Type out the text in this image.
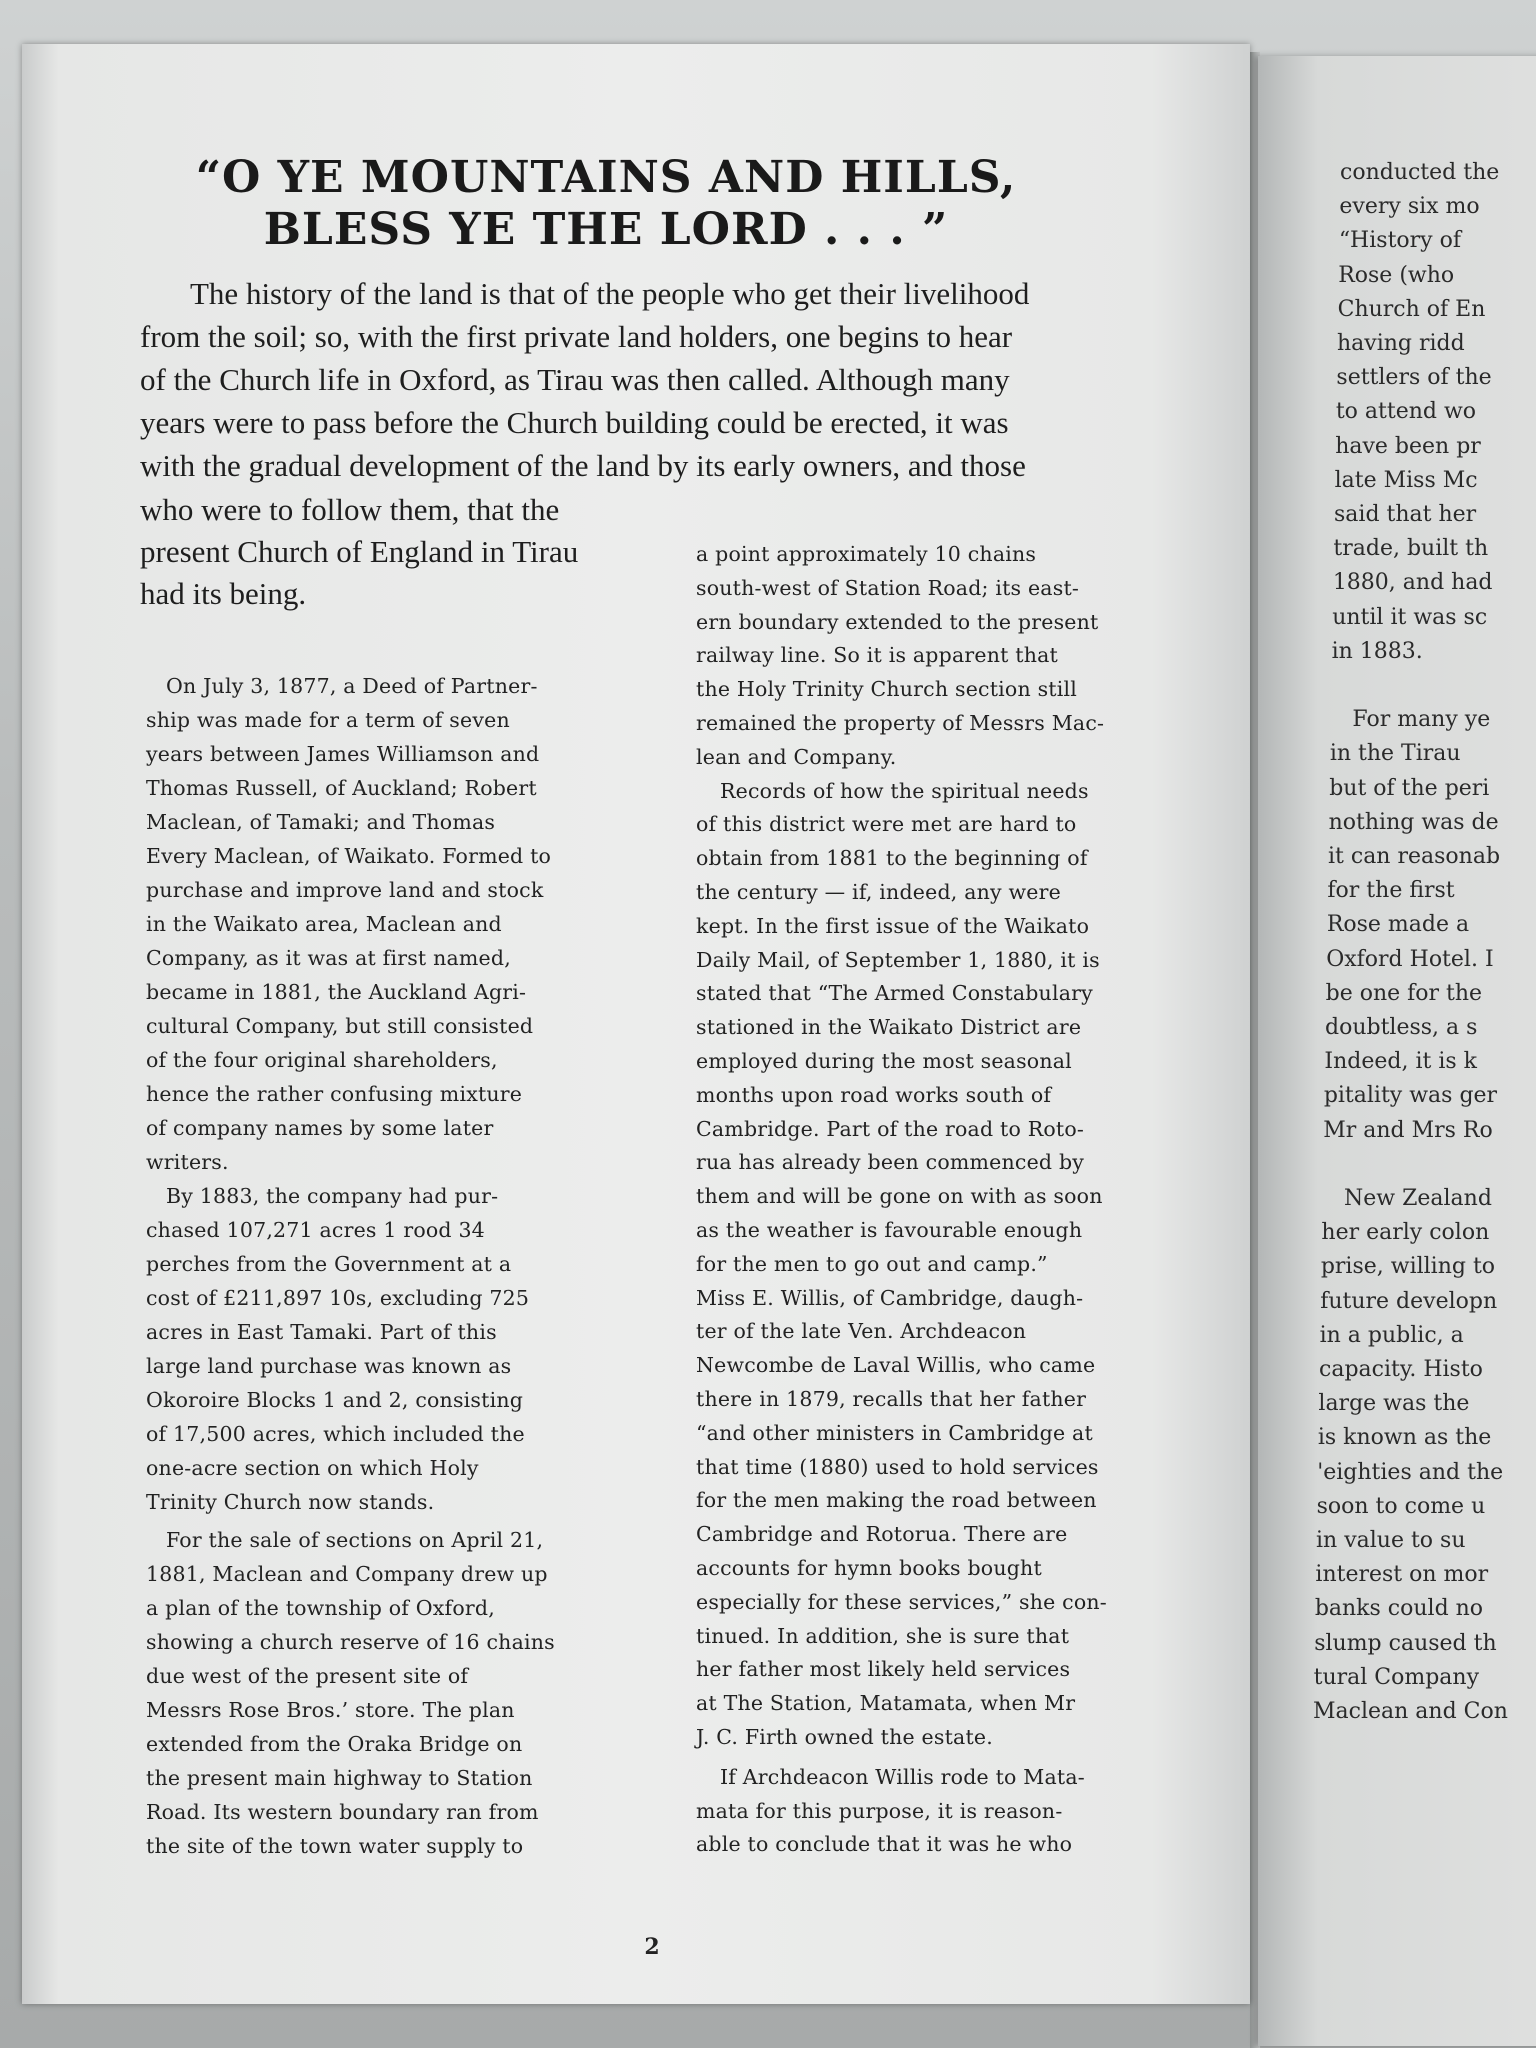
conducted the
every six mo
“History of
Rose (who
Church of En
having ridd
settlers of the
to attend wo
have been pr
late Miss Mc
said that her
trade, built th
1880, and had
until it was sc
in 1883.
For many ye
in the Tirau
but of the peri
nothing was de
it can reasonab
for the first
Rose made a
Oxford Hotel. I
be one for the
doubtless, a s
Indeed, it is k
pitality was ger
Mr and Mrs Ro
New Zealand
her early colon
prise, willing to
future developn
in a public, a
capacity. Histo
large was the
is known as the
'eighties and the
soon to come u
in value to su
interest on mor
banks could no
slump caused th
tural Company
Maclean and Con
“O YE MOUNTAINS AND HILLS,
BLESS YE THE LORD . . . ”
The history of the land is that of the people who get their livelihood
from the soil; so, with the first private land holders, one begins to hear
of the Church life in Oxford, as Tirau was then called. Although many
years were to pass before the Church building could be erected, it was
with the gradual development of the land by its early owners, and those
who were to follow them, that the
present Church of England in Tirau
had its being.
On July 3, 1877, a Deed of Partner-
ship was made for a term of seven
years between James Williamson and
Thomas Russell, of Auckland; Robert
Maclean, of Tamaki; and Thomas
Every Maclean, of Waikato. Formed to
purchase and improve land and stock
in the Waikato area, Maclean and
Company, as it was at first named,
became in 1881, the Auckland Agri-
cultural Company, but still consisted
of the four original shareholders,
hence the rather confusing mixture
of company names by some later
writers.
By 1883, the company had pur-
chased 107,271 acres 1 rood 34
perches from the Government at a
cost of £211,897 10s, excluding 725
acres in East Tamaki. Part of this
large land purchase was known as
Okoroire Blocks 1 and 2, consisting
of 17,500 acres, which included the
one-acre section on which Holy
Trinity Church now stands.
For the sale of sections on April 21,
1881, Maclean and Company drew up
a plan of the township of Oxford,
showing a church reserve of 16 chains
due west of the present site of
Messrs Rose Bros.’ store. The plan
extended from the Oraka Bridge on
the present main highway to Station
Road. Its western boundary ran from
the site of the town water supply to
a point approximately 10 chains
south-west of Station Road; its east-
ern boundary extended to the present
railway line. So it is apparent that
the Holy Trinity Church section still
remained the property of Messrs Mac-
lean and Company.
Records of how the spiritual needs
of this district were met are hard to
obtain from 1881 to the beginning of
the century — if, indeed, any were
kept. In the first issue of the Waikato
Daily Mail, of September 1, 1880, it is
stated that “The Armed Constabulary
stationed in the Waikato District are
employed during the most seasonal
months upon road works south of
Cambridge. Part of the road to Roto-
rua has already been commenced by
them and will be gone on with as soon
as the weather is favourable enough
for the men to go out and camp.”
Miss E. Willis, of Cambridge, daugh-
ter of the late Ven. Archdeacon
Newcombe de Laval Willis, who came
there in 1879, recalls that her father
“and other ministers in Cambridge at
that time (1880) used to hold services
for the men making the road between
Cambridge and Rotorua. There are
accounts for hymn books bought
especially for these services,” she con-
tinued. In addition, she is sure that
her father most likely held services
at The Station, Matamata, when Mr
J. C. Firth owned the estate.
If Archdeacon Willis rode to Mata-
mata for this purpose, it is reason-
able to conclude that it was he who
2
